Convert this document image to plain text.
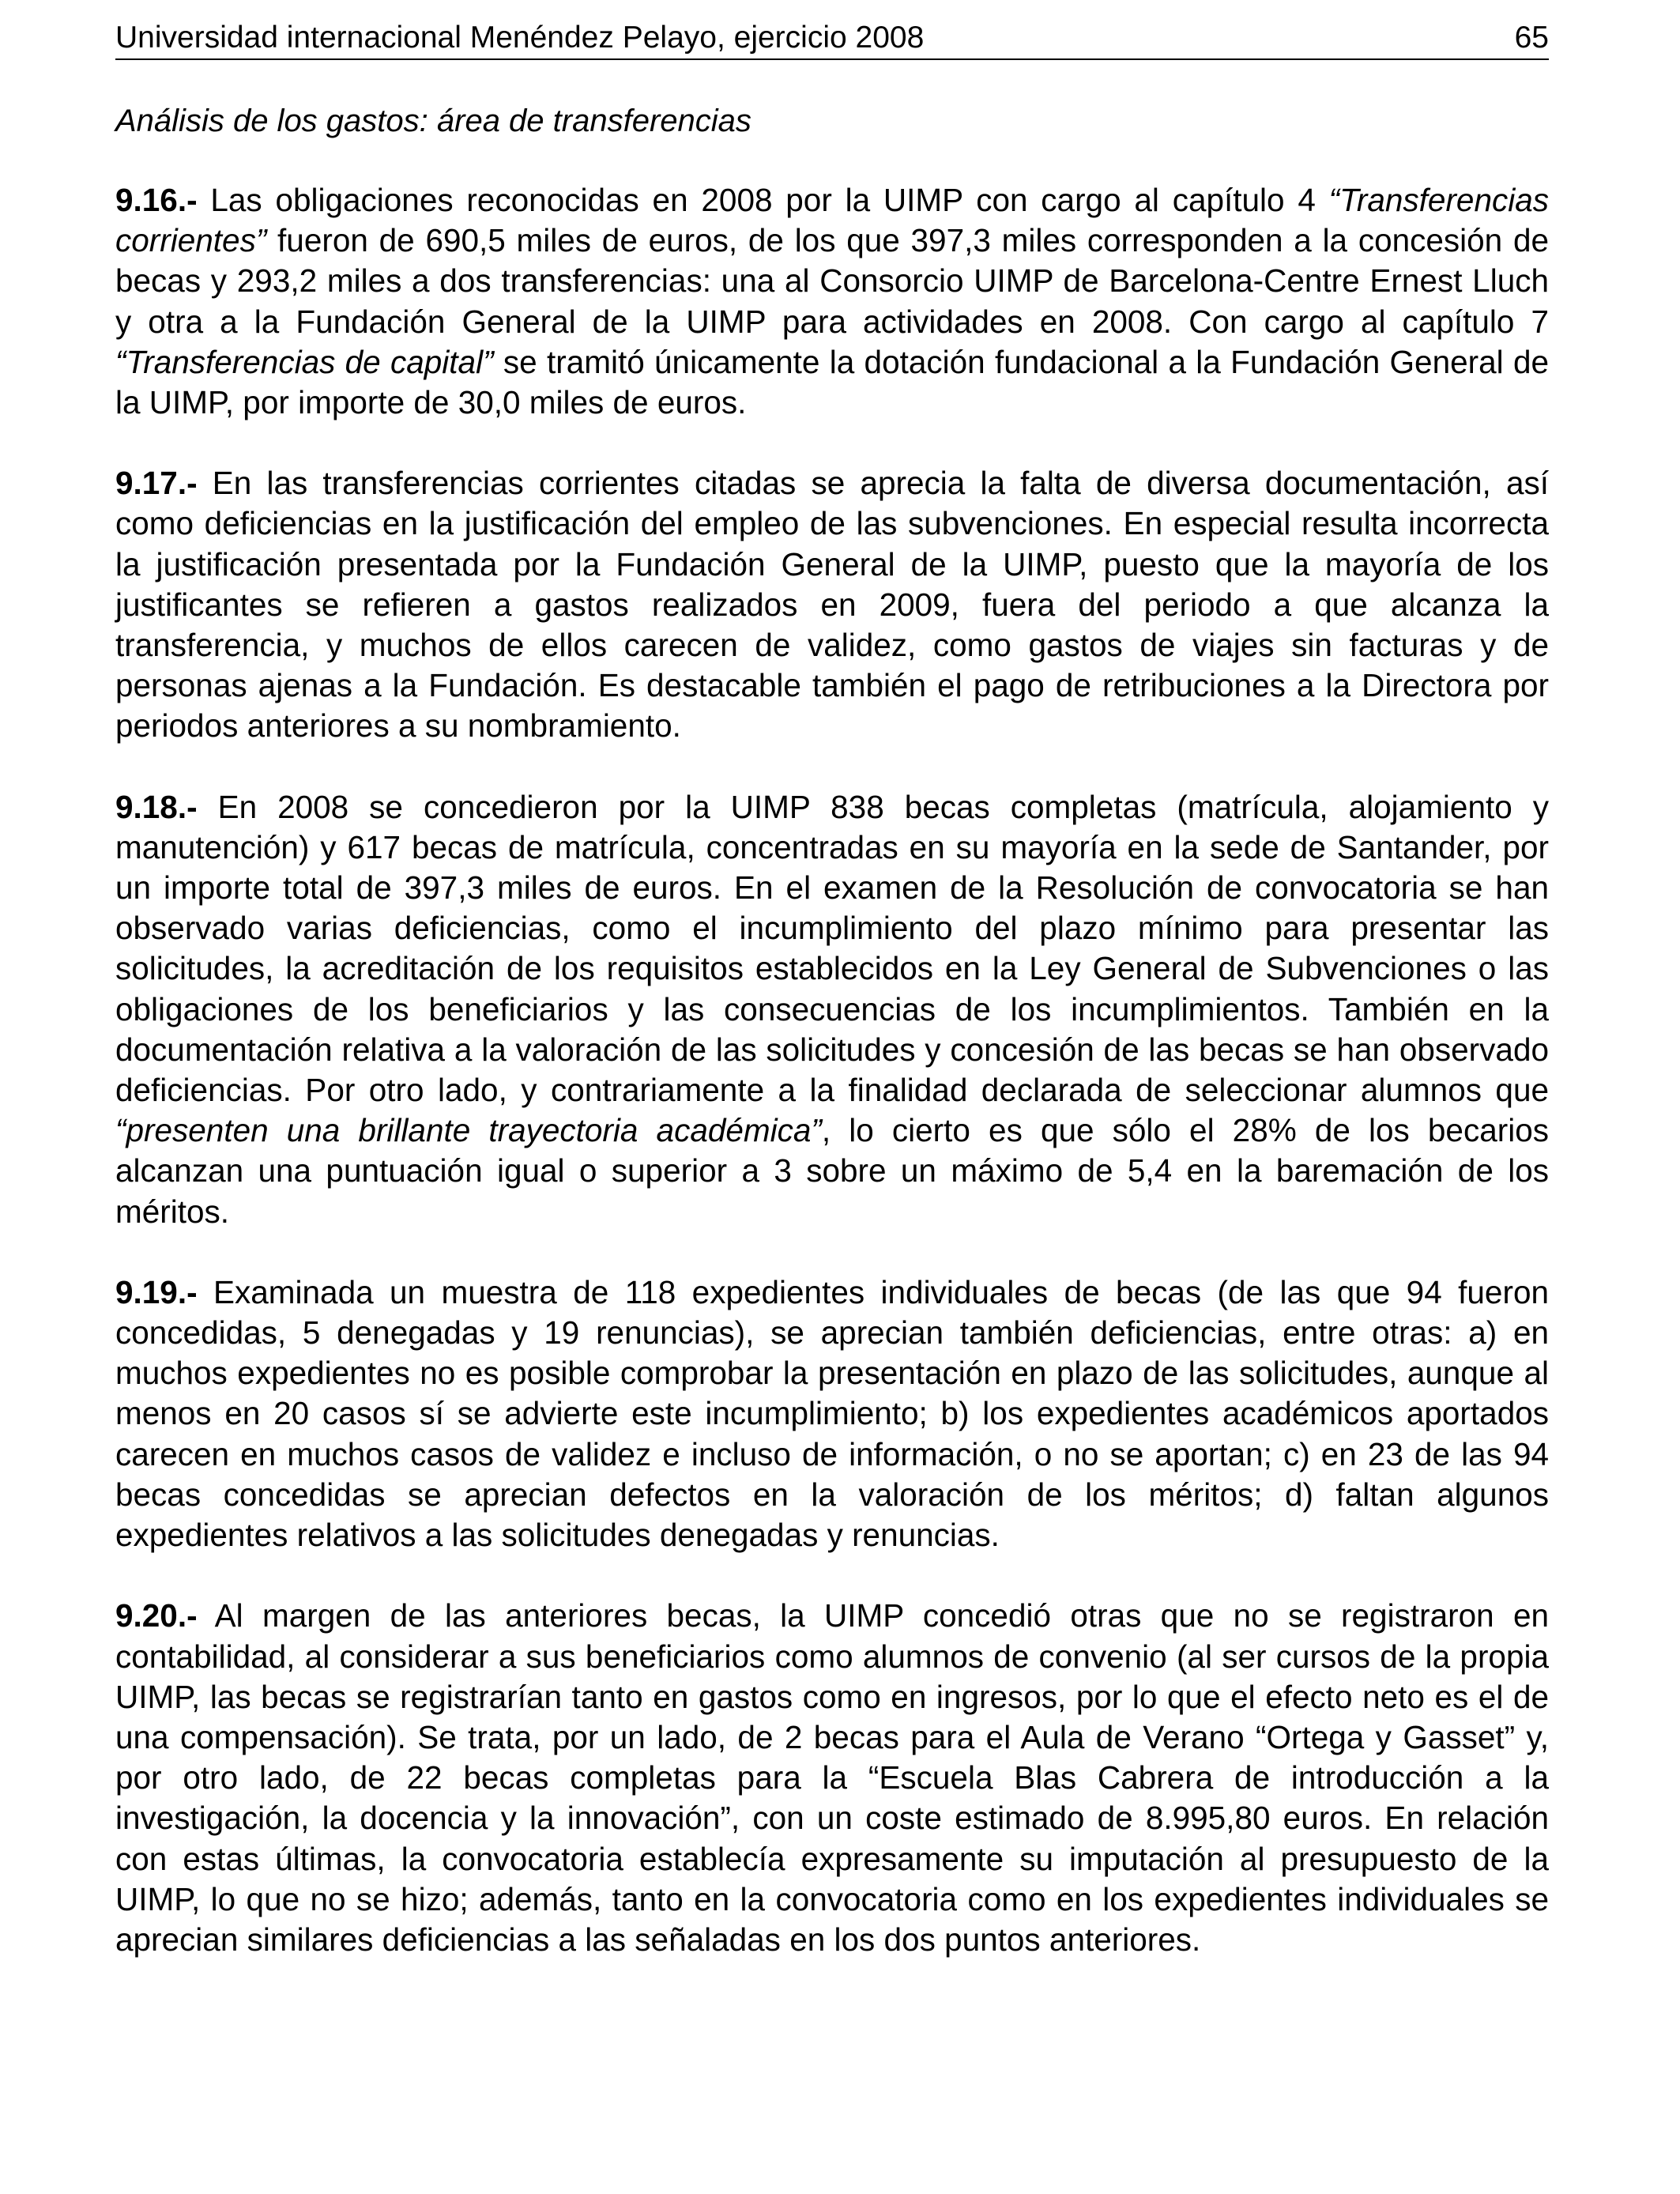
Universidad internacional Menéndez Pelayo, ejercicio 2008	65
Análisis de los gastos: área de transferencias

9.16.- Las obligaciones reconocidas en 2008 por la UIMP con cargo al capítulo 4 “Transferencias corrientes” fueron de 690,5 miles de euros, de los que 397,3 miles corresponden a la concesión de becas y 293,2 miles a dos transferencias: una al Consorcio UIMP de Barcelona-Centre Ernest Lluch y otra a la Fundación General de la UIMP para actividades en 2008. Con cargo al capítulo 7 “Transferencias de capital” se tramitó únicamente la dotación fundacional a la Fundación General de la UIMP, por importe de 30,0 miles de euros.

9.17.- En las transferencias corrientes citadas se aprecia la falta de diversa documentación, así como deficiencias en la justificación del empleo de las subvenciones. En especial resulta incorrecta la justificación presentada por la Fundación General de la UIMP, puesto que la mayoría de los justificantes se refieren a gastos realizados en 2009, fuera del periodo a que alcanza la transferencia, y muchos de ellos carecen de validez, como gastos de viajes sin facturas y de personas ajenas a la Fundación. Es destacable también el pago de retribuciones a la Directora por periodos anteriores a su nombramiento.

9.18.- En 2008 se concedieron por la UIMP 838 becas completas (matrícula, alojamiento y manutención) y 617 becas de matrícula, concentradas en su mayoría en la sede de Santander, por un importe total de 397,3 miles de euros. En el examen de la Resolución de convocatoria se han observado varias deficiencias, como el incumplimiento del plazo mínimo para presentar las solicitudes, la acreditación de los requisitos establecidos en la Ley General de Subvenciones o las obligaciones de los beneficiarios y las consecuencias de los incumplimientos. También en la documentación relativa a la valoración de las solicitudes y concesión de las becas se han observado deficiencias. Por otro lado, y contrariamente a la finalidad declarada de seleccionar alumnos que “presenten una brillante trayectoria académica”, lo cierto es que sólo el 28% de los becarios alcanzan una puntuación igual o superior a 3 sobre un máximo de 5,4 en la baremación de los méritos.

9.19.- Examinada un muestra de 118 expedientes individuales de becas (de las que 94 fueron concedidas, 5 denegadas y 19 renuncias), se aprecian también deficiencias, entre otras: a) en muchos expedientes no es posible comprobar la presentación en plazo de las solicitudes, aunque al menos en 20 casos sí se advierte este incumplimiento; b) los expedientes académicos aportados carecen en muchos casos de validez e incluso de información, o no se aportan; c) en 23 de las 94 becas concedidas se aprecian defectos en la valoración de los méritos; d) faltan algunos expedientes relativos a las solicitudes denegadas y renuncias.

9.20.- Al margen de las anteriores becas, la UIMP concedió otras que no se registraron en contabilidad, al considerar a sus beneficiarios como alumnos de convenio (al ser cursos de la propia UIMP, las becas se registrarían tanto en gastos como en ingresos, por lo que el efecto neto es el de una compensación). Se trata, por un lado, de 2 becas para el Aula de Verano “Ortega y Gasset” y, por otro lado, de 22 becas completas para la “Escuela Blas Cabrera de introducción a la investigación, la docencia y la innovación”, con un coste estimado de 8.995,80 euros. En relación con estas últimas, la convocatoria establecía expresamente su imputación al presupuesto de la UIMP, lo que no se hizo; además, tanto en la convocatoria como en los expedientes individuales se aprecian similares deficiencias a las señaladas en los dos puntos anteriores.
